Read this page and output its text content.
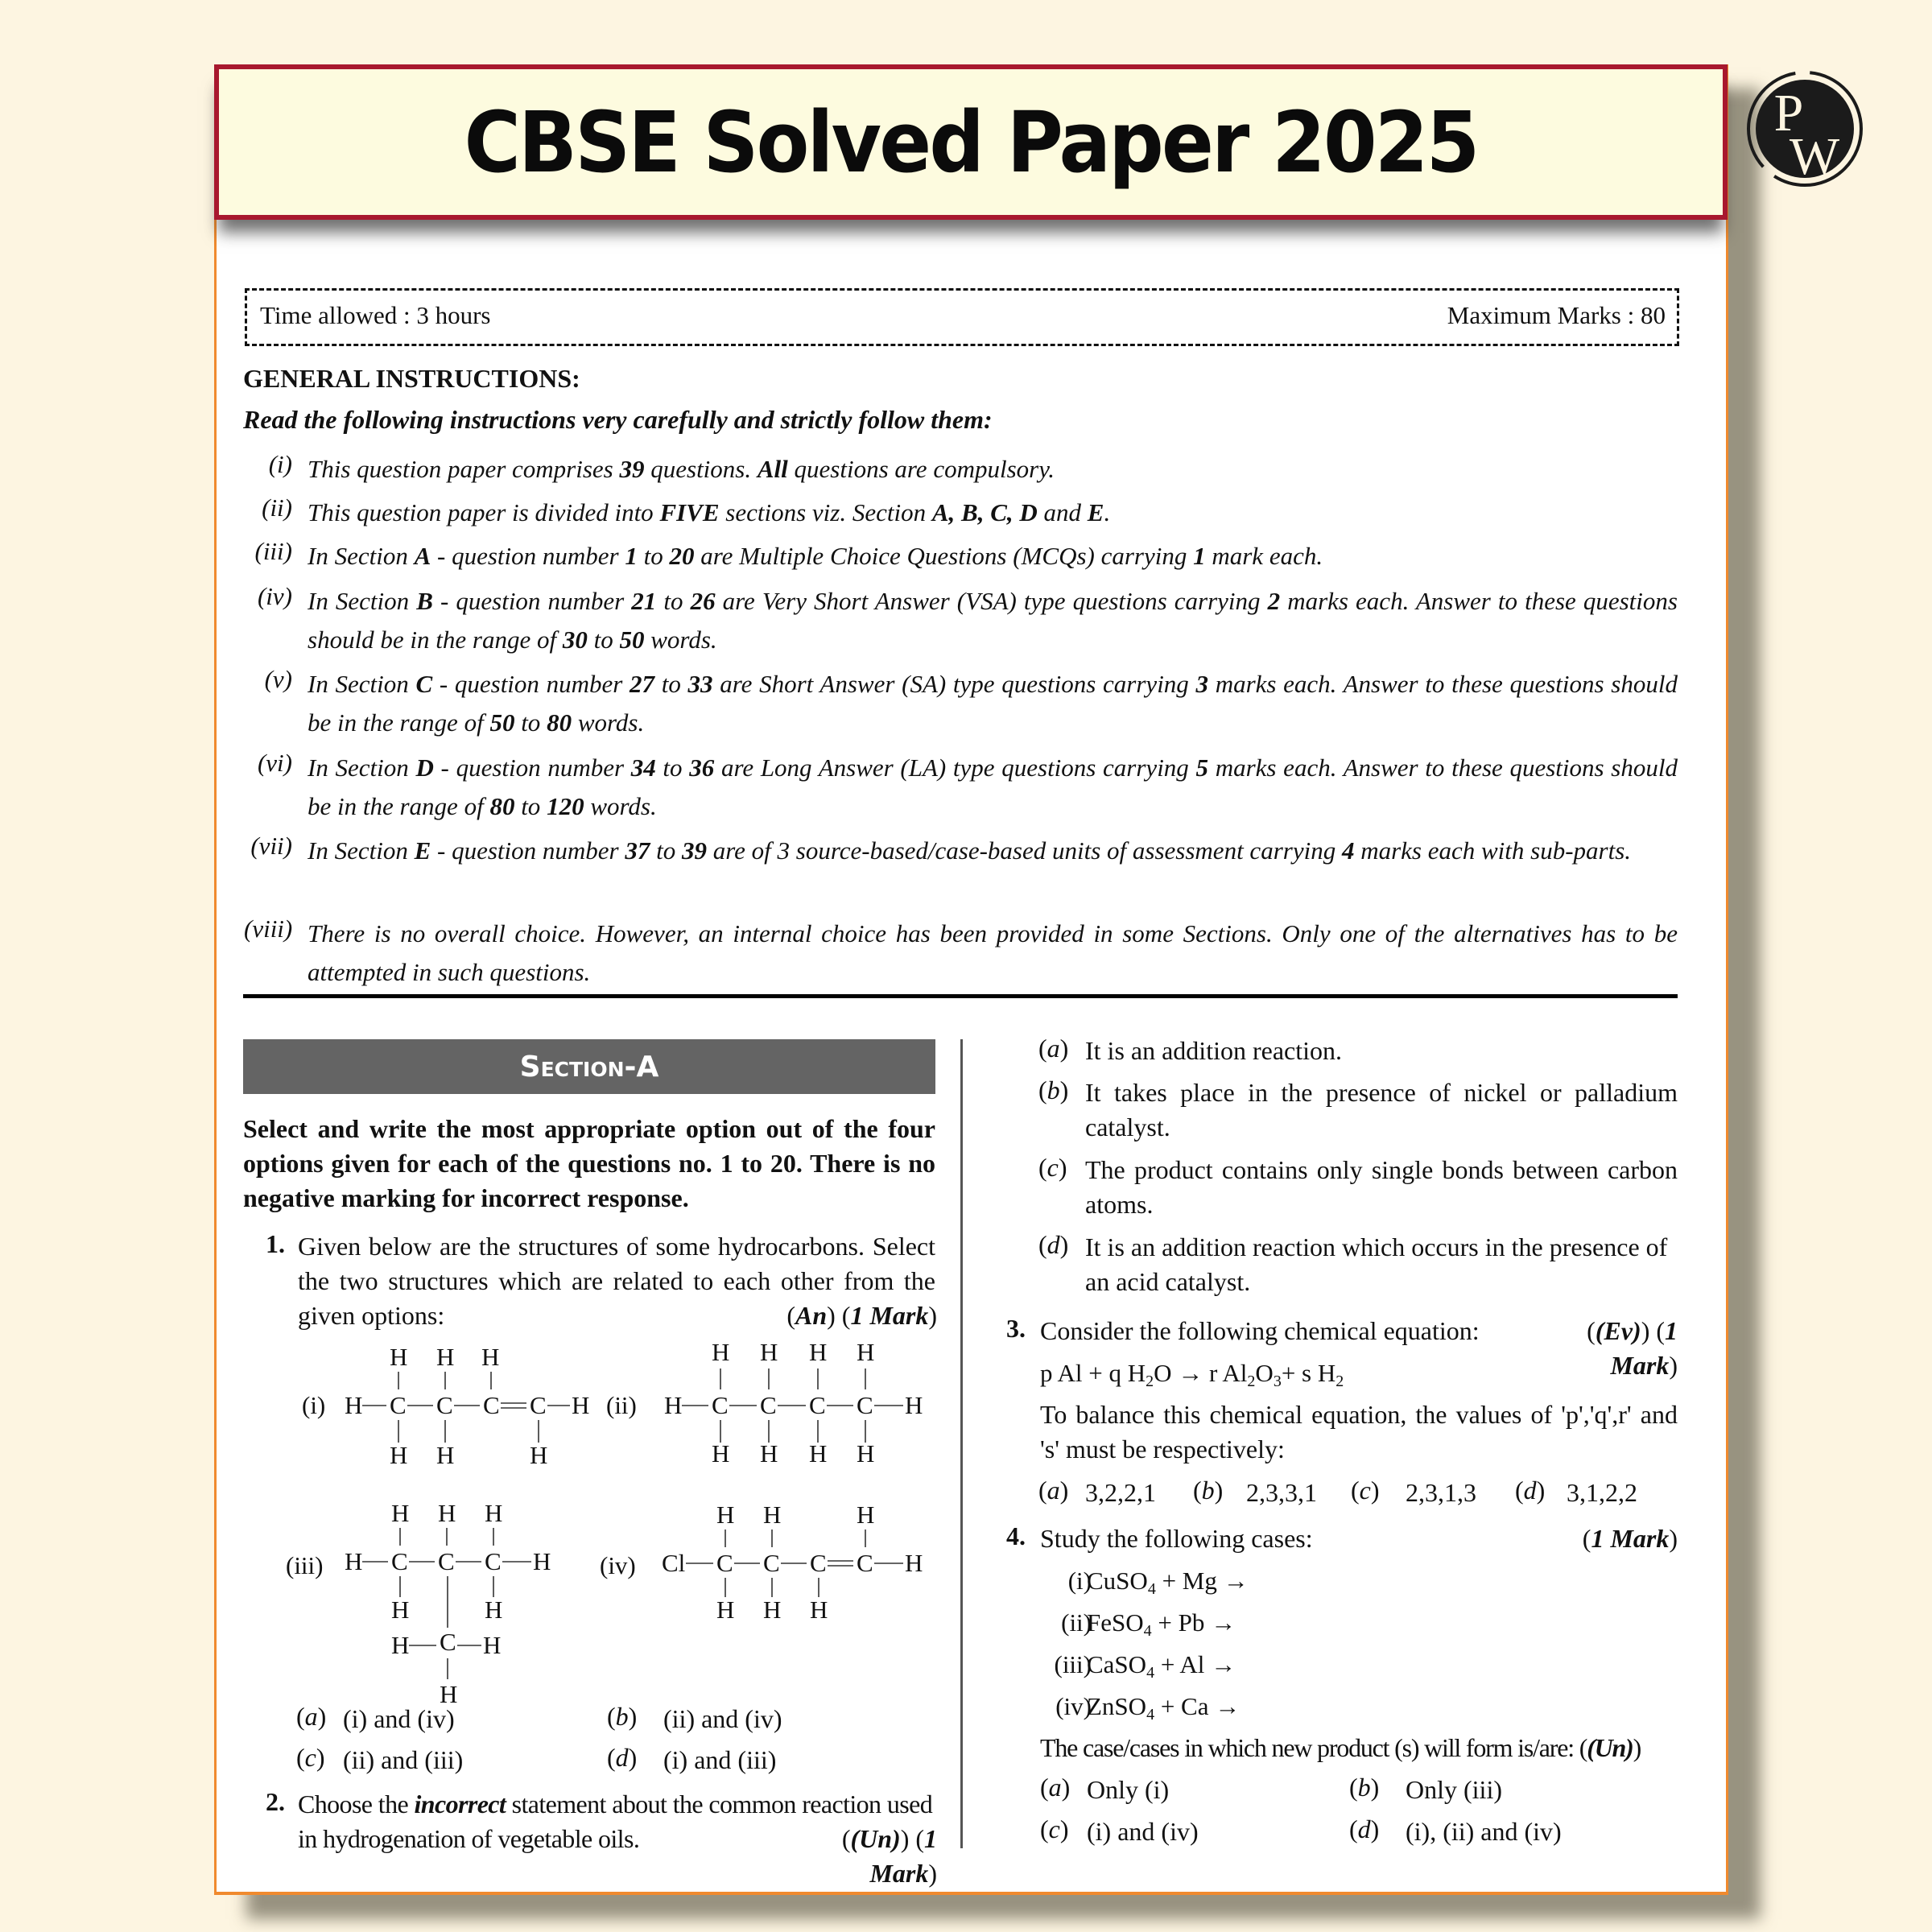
CBSE Solved Paper 2025	P
W
Time allowed : 3 hours	Maximum Marks : 80
GENERAL INSTRUCTIONS:
Read the following instructions very carefully and strictly follow them:
(i) This question paper comprises 39 questions. All questions are compulsory.
(ii) This question paper is divided into FIVE sections viz. Section A, B, C, D and E.
(iii) In Section A - question number 1 to 20 are Multiple Choice Questions (MCQs) carrying 1 mark each.
(iv) In Section B - question number 21 to 26 are Very Short Answer (VSA) type questions carrying 2 marks each. Answer to these questions should be in the range of 30 to 50 words.
(v) In Section C - question number 27 to 33 are Short Answer (SA) type questions carrying 3 marks each. Answer to these questions should be in the range of 50 to 80 words.
(vi) In Section D - question number 34 to 36 are Long Answer (LA) type questions carrying 5 marks each. Answer to these questions should be in the range of 80 to 120 words.
(vii) In Section E - question number 37 to 39 are of 3 source-based/case-based units of assessment carrying 4 marks each with sub-parts.
(viii) There is no overall choice. However, an internal choice has been provided in some Sections. Only one of the alternatives has to be attempted in such questions.
Section-A
Select and write the most appropriate option out of the four options given for each of the questions no. 1 to 20. There is no negative marking for incorrect response.
1. Given below are the structures of some hydrocarbons. Select the two structures which are related to each other from the given options:	(An) (1 Mark)
(i) H C C C C H
H H H
H H	H
(ii) H C C C C H
H H H H
H H H H
(iii) H C C C H
H H H
H	H
H C H
H
(iv) Cl C C C C H
H H	H
H H H
(a) (i) and (iv)	(b) (ii) and (iv)
(c) (ii) and (iii)	(d) (i) and (iii)
2. Choose the incorrect statement about the common reaction used in hydrogenation of vegetable oils.	((Un)) (1 Mark)
(a) It is an addition reaction.
(b) It takes place in the presence of nickel or palladium catalyst.
(c) The product contains only single bonds between carbon atoms.
(d) It is an addition reaction which occurs in the presence of an acid catalyst.
3. Consider the following chemical equation:	((Ev)) (1 Mark)
p Al + q $H_2O \to r$ $Al_2O_3+ s$ $H_2$
To balance this chemical equation, the values of 'p','q',r' and 's' must be respectively:
(a) 3,2,2,1 (b) 2,3,3,1 (c) 2,3,1,3 (d) 3,1,2,2
4. Study the following cases:	(1 Mark)
(i)
CuSO$_4$ + Mg →
(ii)
FeSO$_4$ + Pb →
(iii)
CaSO$_4$ + Al →
(iv)
ZnSO$_4$ + Ca →
The case/cases in which new product (s) will form is/are: ((Un))
(a) Only (i)	(b) Only (iii)
(c) (i) and (iv)	(d) (i), (ii) and (iv)
